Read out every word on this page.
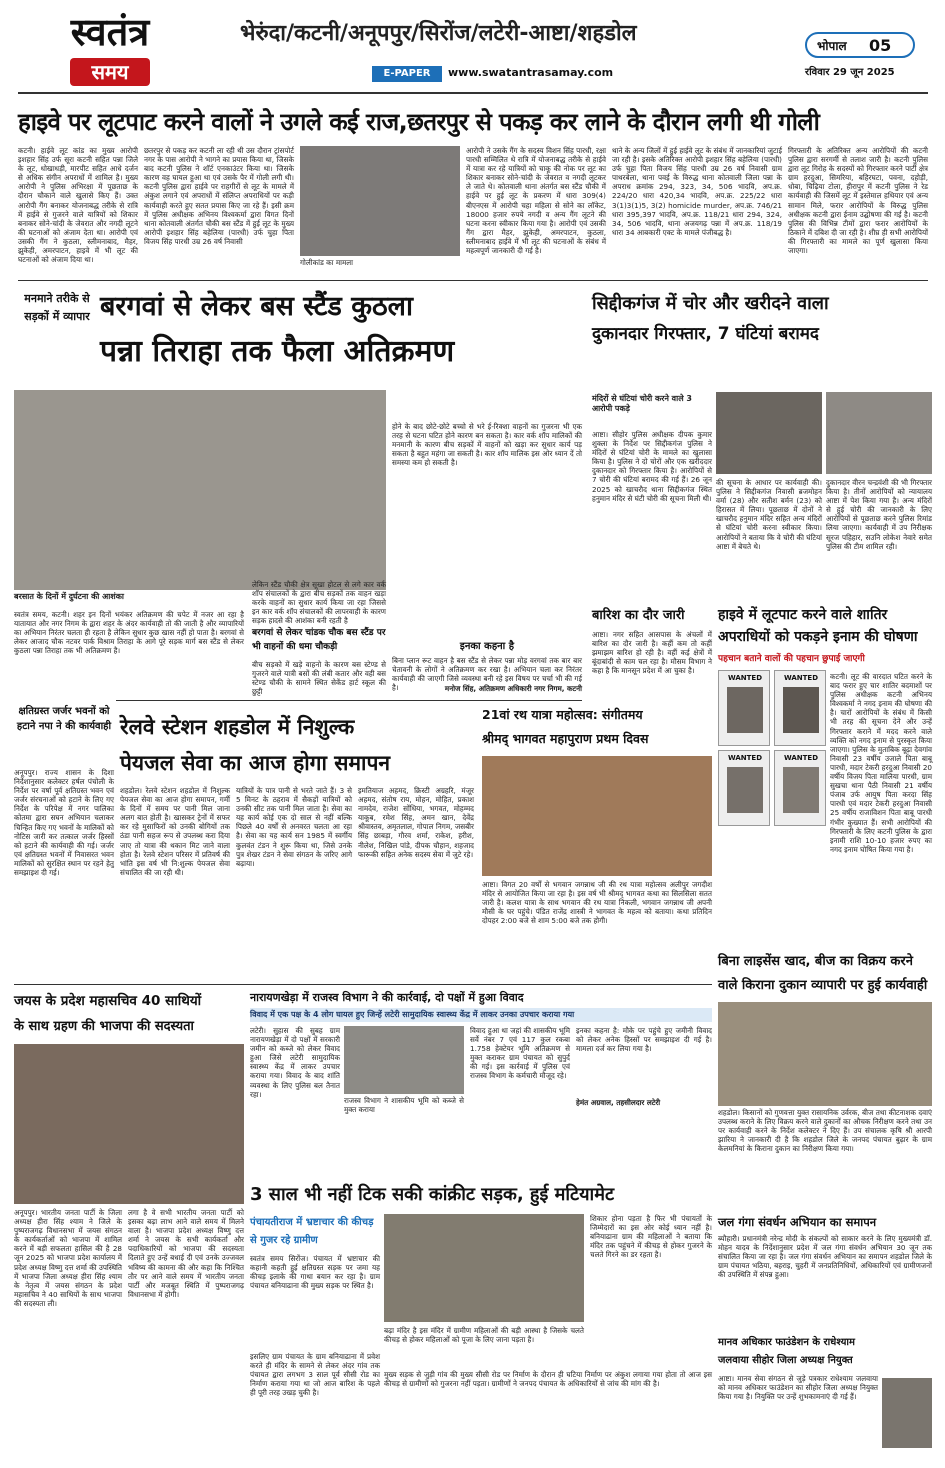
स्वतंत्र
समय
भेरुंदा/कटनी/अनूपपुर/सिरोंज/लटेरी-आष्टा/शहडोल
E-PAPER	www.swatantrasamay.com
भोपाल	05
रविवार 29 जून 2025
हाइवे पर लूटपाट करने वालों ने उगले कई राज,छतरपुर से पकड़ कर लाने के दौरान लगी थी गोली
कटनी। हाईवे लूट कांड का मुख्य आरोपी इशहार सिंह उर्फ सूरा कटनी सहित पन्ना जिले के लूट, धोखाधड़ी, मारपीट सहित आधे दर्जन से अधिक संगीन अपराधों में शामिल है। मुख्य आरोपी ने पुलिस अभिरक्षा में पूछताछ के दौरान चौकाने वाले खुलासे किए हैं। उक्त आरोपी गैंग बनाकर योजनाबद्ध तरीके से रात्रि में हाईवे से गुजरने वाले यात्रियों को शिकार बनाकर सोने-चांदी के जेवरात और नगदी लूटने की घटनाओं को अंजाम देता था। आरोपी एवं उसकी गैंग ने कुठला, स्लीमनाबाद, मैहर, झुकेही, अमरपाटन, हाइवे में भी लूट की घटनाओं को अंजाम दिया था।
छतरपुर से पकड़ कर कटनी ला रही थी उस दौरान ट्रांसपोर्ट नगर के पास आरोपी ने भागने का प्रयास किया था, जिसके बाद कटनी पुलिस ने शॉर्ट एनकाउंटर किया था। जिसके कारण वह घायल हुआ था एवं उसके पैर में गोली लगी थी। कटनी पुलिस द्वारा हाईवे पर राहगीरों से लूट के मामले में अंकुश लगाने एवं अपराधों में संलिप्त अपराधियों पर कड़ी कार्यवाही करते हुए सतत प्रयास किए जा रहे हैं। इसी क्रम में पुलिस अधीक्षक अभिनय विश्वकर्मा द्वारा विगत दिनों थाना कोतवाली अंतर्गत चौकी बस स्टैंड में हुई लूट के मुख्य आरोपी इशहार सिंह बहेलिया (पारधी) उर्फ चुहा पिता विजय सिंह पारधी उम्र 26 वर्ष निवासी
गोलीकांड का मामला
आरोपी ने उसके गैंग के सदस्य विशन सिंह पारधी, रक्षा पारधी सम्मिलित थे रात्रि में योजनाबद्ध तरीके से हाईवे में यात्रा कर रहे यात्रियों को चाकू की नोक पर लूट का शिकार बनाकर सोने-चांदी के जेवरात व नगदी लूटकर ले जाते थे। कोतवाली थाना अंतर्गत बस स्टैंड चौकी में हाईवे पर हुई लूट के प्रकरण में धारा 309(4) बीएनएस में आरोपी चहा महिला से सोने का लॉकेट, 18000 हजार रुपये नगदी व अन्य गैंग लूटने की घटना करना स्वीकार किया गया है। आरोपी एवं उसकी गैंग द्वारा मैहर, झुकेही, अमरपाटन, कुठला, स्लीमनाबाद हाईवे में भी लूट की घटनाओं के संबंध में महत्वपूर्ण जानकारी दी गई है।
थाने के अन्य जिलों में हुई हाईवे लूट के संबंध में जानकारियां जुटाई जा रही है। इसके अतिरिक्त आरोपी इशहार सिंह बहेलिया (पारधी) उर्फ चुहा पिता विजय सिंह पारधी उम्र 26 वर्ष निवासी ग्राम पाथरबेला, थाना पवई के विरुद्ध थाना कोतवाली जिला पन्ना के अपराध क्रमांक 294, 323, 34, 506 भादवि, अप.क्र. 224/20 धारा 420,34 भादवि, अप.क्र. 225/22 धारा 3(1)3(1)5, 3(2) homicide murder, अप.क्र. 746/21 धारा 395,397 भादवि, अप.क्र. 118/21 धारा 294, 324, 34, 506 भादवि, थाना अजयगढ़ पन्ना में अप.क्र. 118/19 धारा 34 आबकारी एक्ट के मामले पंजीबद्ध है।
गिरफ्तारी के अतिरिक्त अन्य आरोपियों की कटनी पुलिस द्वारा सरगर्मी से तलाश जारी है। कटनी पुलिस द्वारा लूट गिरोह के सदस्यों को गिरफ्तार करने पार्टी क्षेत्र ग्राम हरदुआ, सिमरिया, बहिरघटा, पवना, दहोड़ी, धोबा, चिढ़िया टोला, हीरापुर में कटनी पुलिस ने रेड कार्यवाही की जिसमें लूट में इस्तेमाल हथियार एवं अन्य सामान मिले, फरार आरोपियों के विरुद्ध पुलिस अधीक्षक कटनी द्वारा ईनाम उद्घोषणा की गई है। कटनी पुलिस की विभिन्न टीमों द्वारा फरार आरोपियों के ठिकाने में दबिश दी जा रही है। शीघ्र ही सभी आरोपियों की गिरफ्तारी का मामले का पूर्ण खुलासा किया जाएगा।
मनमाने तरीके से सड़कों में व्यापार बरगवां से लेकर बस स्टैंड कुठला
पन्ना तिराहा तक फैला अतिक्रमण
बरसात के दिनों में दुर्घटना की आशंका
स्वतंत्र समय, कटनी। शहर इन दिनों भयंकर अतिक्रमण की चपेट में नजर आ रहा है यातायात और नगर निगम के द्वारा शहर के अंदर कार्यवाही तो की जाती है और व्यापारियों का अभियान निरंतर चलता ही रहता है लेकिन सुधार कुछ खास नहीं हो पाता है। बरगवां से लेकर आजाद चौक नटवर पार्क विश्राम तिराहा के आगे पूरे सड़क मार्ग बस स्टैंड से लेकर कुठला पन्ना तिराहा तक भी अतिक्रमण है।
लेकिन स्टैंड चौकी क्षेत्र सूखा होटल से लगे कार वर्क शॉप संचालकों के द्वारा बीच सड़कों तक वाहन खड़ा करके वाहनों का सुधार कार्य किया जा रहा जिससे इन कार वर्क शॉप संचालकों की लापरवाही के कारण सड़क हादसे की आशंका बनी रहती है
बरगवां से लेकर चांडक चौक बस स्टैंड पर भी वाहनों की धमा चौकड़ी
बीच सड़को में खड़े वाहनो के कारण बस स्टेण्ड से गुजरने वाले यात्री बसों की लंबी कतार और वही बस स्टेण्ड चौकी के सामने स्थित सेकेंड हार्ट स्कूल की छुट्टी
होने के बाद छोटे-छोटे बच्चो से भरे ई-रिक्शा वाहनों का गुजरना भी एक तरह से घटना घटित होने कारण बन सकता है। कार वर्क शॉप मालिकों की मनमानी के कारण बीच सड़कों में वाहनों को खड़ा कर सुधार कार्य पड़ सकता है बहुत महंगा जा सकती है। कार शॉप मालिक इस ओर ध्यान दें तो समस्या कम हो सकती है।
इनका कहना है
बिना प्लान रूट वाहन है बस स्टैंड से लेकर पन्ना मोड़ वरगवां तक बार बार चेतावनी के लोगों ने अतिक्रमण कर रखा है। अभियान चला कर निरंतर कार्यवाही की जाएगी जिसे व्यवस्था बनी रहे इस विषय पर चर्चा भी की गई है।	मनोज सिंह, अतिक्रमण अधिकारी नगर निगम, कटनी
सिद्दीकगंज में चोर और खरीदने वाला
दुकानदार गिरफ्तार, 7 घंटियां बरामद
मंदिरों से घंटियां चोरी करने वाले 3 आरोपी पकड़े
आष्टा। सीहोर पुलिस अधीक्षक दीपक कुमार शुक्ला के निर्देश पर सिद्दीकगंज पुलिस ने मंदिरों से घंटियां चोरी के मामले का खुलासा किया है। पुलिस ने दो चोरों और एक खरीददार दुकानदार को गिरफ्तार किया है। आरोपियों से 7 चोरी की घंटियां बरामद की गई हैं। 26 जून 2025 को खाचरौद थाना सिद्दीकगंज स्थित हनुमान मंदिर से घंटी चोरी की सूचना मिली थी।
की सूचना के आधार पर कार्यवाही की। पुलिस ने सिद्दीकगंज निवासी ब्रजमोहन वर्मा (28) और सतीश बर्मन (23) को हिरासत में लिया। पूछताछ में दोनों ने खाचरौद हनुमान मंदिर सहित अन्य मंदिरों से घंटियां चोरी करना स्वीकार किया। आरोपियों ने बताया कि वे चोरी की घंटियां आष्टा में बेचते थे।
दुकानदार वीरन चन्द्रवंशी की भी गिरफ्तार किया है। तीनों आरोपियों को न्यायालय आष्टा में पेश किया गया है। अन्य मंदिरों से हुई चोरी की जानकारी के लिए आरोपियों से पूछताछ करने पुलिस रिमांड लिया जाएगा। कार्यवाही में उप निरीक्षक सूरज पहिहार, सउनि लोकेश नेवारे समेत पुलिस की टीम शामिल रही।
बारिश का दौर जारी
आष्टा। नगर सहित आसपास के अंचलों में बारिश का दौर जारी है। कहीं कम तो कहीं झमाझम बारिश हो रही है। वहीं कई क्षेत्रों में बूंदाबांदी से काम चल रहा है। मौसम विभाग ने कहा है कि मानसून प्रदेश में आ चुका है।
हाइवे में लूटपाट करने वाले शातिर अपराधियों को पकड़ने इनाम की घोषणा
पहचान बताने वालों की पहचान छुपाई जाएगी
WANTED	WANTED
WANTED	WANTED
कटनी। लूट की वारदात घटित करने के बाद फरार हुए चार शातिर बदमाशों पर पुलिस अधीक्षक कटनी अभिनय विश्वकर्मा ने नगद इनाम की घोषणा की है। चारों आरोपियों के संबंध में किसी भी तरह की सूचना देने और उन्हें गिरफ्तार कराने में मदद करने वाले व्यक्ति को नगद इनाम से पुरस्कृत किया जाएगा। पुलिस के मुताबिक बूढ़ा देवगांव निवासी 23 वर्षीय उजाले पिता बाबू पारधी, मदार टेकरी हरदुआ निवासी 20 वर्षीय विजय पिता मालिया पारधी, ग्राम सुखचा थाना पैठी निवासी 21 वर्षीय पंजाब उर्फ आयुष पिता करदा सिंह पारधी एवं मदार टेकरी हरदुआ निवासी 25 वर्षीय राजाविशन पिता बाबू पारधी गंभीर कुख्यात हैं। सभी आरोपियों की गिरफ्तारी के लिए कटनी पुलिस के द्वारा इनामी राशि 10-10 हजार रुपए का नगद इनाम घोषित किया गया है।
क्षतिग्रस्त जर्जर भवनों को हटाने नपा ने की कार्यवाही
अनूपपुर। राज्य शासन के दिशा निर्देशानुसार कलेक्टर हर्षल पंचोली के निर्देश पर वर्षा पूर्व क्षतिग्रस्त भवन एवं जर्जर संरचनाओं को हटाने के लिए गए निर्देश के परिपेक्ष में नगर पालिका कोतमा द्वारा सघन अभियान चलाकर चिन्हित किए गए भवनों के मालिकों को नोटिस जारी कर तत्काल जर्जर हिस्सों को हटाने की कार्यवाही की गई। जर्जर एवं क्षतिग्रस्त भवनों में निवासरत भवन मालिकों को सुरक्षित स्थान पर रहने हेतु समझाइश दी गई।
रेलवे स्टेशन शहडोल में निशुल्क
पेयजल सेवा का आज होगा समापन
शहडोल। रेलवे स्टेशन शहडोल में निशुल्क पेयजल सेवा का आज होगा समापन, गर्मी के दिनों में समय पर पानी मिल जाना अलग बात होती है। खासकर ट्रेनों में सफर कर रहे मुसाफिरों को उनकी बोगियों तक ठंडा पानी सहज रूप से उपलब्ध करा दिया जाए तो यात्रा की थकान मिट जाने वाला होता है। रेलवे स्टेशन परिसर में प्रतिवर्ष की भांति इस वर्ष भी नि:शुल्क पेयजल सेवा संचालित की जा रही थी।
यात्रियों के पात्र पानी से भरते जाते हैं। 3 से 5 मिनट के ठहराव में सैकड़ों यात्रियों को उनकी सीट तक पानी मिल जाता है। सेवा का यह कार्य कोई एक दो साल से नहीं बल्कि पिछले 40 वर्षों से अनवरत चलता आ रहा है। सेवा का यह कार्य सन 1985 में स्वर्गीय कुलवंत टंडन ने शुरू किया था, जिसे उनके पुत्र शेखर टंडन ने सेवा संगठन के जरिए आगे बढ़ाया।
इमतियाज अहमद, क्रिस्टी अग्रहरि, मंजूर अहमद, संतोष राय, मोहन, मोहित, प्रकाश नामदेव, राजेश सोंधिया, भगवत, मोहम्मद याकूब, रमेश सिंह, अमन खान, देवेंद्र श्रीवास्तव, अमृतलाल, गोपाल निगम, जसबीर सिंह छाबड़ा, गौरव शर्मा, राकेश, हरीश, नीलेश, निखिल पांडे, दीपक चौहान, शहजाद फारूकी सहित अनेक सदस्य सेवा में जुटे रहे।
21वां रथ यात्रा महोत्सव: संगीतमय
श्रीमद् भागवत महापुराण प्रथम दिवस
आष्टा। विगत 20 वर्षों से भगवान जगन्नाथ जी की रथ यात्रा महोत्सव अलीपुर जगदीश मंदिर से आयोजित किया जा रहा है। इस वर्ष भी श्रीमद् भागवत कथा का सिलसिला सतत जारी है। कलश यात्रा के साथ भगवान की रथ यात्रा निकली, भगवान जगन्नाथ जी अपनी मौसी के घर पहुंचे। पंडित राजेंद्र शास्त्री ने भागवत के महत्व को बताया। कथा प्रतिदिन दोपहर 2:00 बजे से शाम 5:00 बजे तक होगी।
बिना लाइसेंस खाद, बीज का विक्रय करने वाले किराना दुकान व्यापारी पर हुई कार्यवाही
शहडोल। किसानों को गुणवत्ता युक्त रासायनिक उर्वरक, बीज तथा कीटनाशक दवाएं उपलब्ध कराने के लिए विक्रय करने वाले दुकानों का औचक निरीक्षण करने तथा उन पर कार्यवाही करने के निर्देश कलेक्टर ने दिए हैं। उप संचालक कृषि श्री आरपी झारिया ने जानकारी दी है कि शहडोल जिले के जनपद पंचायत बुढ़ार के ग्राम केलमनियां के किराना दुकान का निरीक्षण किया गया।
जयस के प्रदेश महासचिव 40 साथियों
के साथ ग्रहण की भाजपा की सदस्यता
अनूपपुर। भारतीय जनता पार्टी के जिला अध्यक्ष हीरा सिंह श्याम ने जिले के पुष्पराजगढ़ विधानसभा में जयस संगठन के कार्यकर्ताओं को भाजपा में शामिल करने में बड़ी सफलता हासिल की है 28 जून 2025 को भाजपा प्रदेश कार्यालय में प्रदेश अध्यक्ष विष्णु दत्त शर्मा की उपस्थिति में भाजपा जिला अध्यक्ष हीरा सिंह श्याम के नेतृत्व में जयस संगठन के प्रदेश महासचिव ने 40 साथियों के साथ भाजपा की सदस्यता ली।
लगा है वे सभी भारतीय जनता पार्टी को इसका बढ़ा लाभ आने वाले समय में मिलने वाला है। भाजपा प्रदेश अध्यक्ष विष्णु दत्त शर्मा ने जयस के सभी कार्यकर्ता और पदाधिकारियों को भाजपा की सदस्यता दिलाते हुए उन्हें बधाई दी एवं उनके उज्जवल भविष्य की कामना की और कहा कि निश्चित तौर पर आने वाले समय में भारतीय जनता पार्टी और मजबूत स्थिति में पुष्पराजगढ़ विधानसभा में होगी।
नारायणखेड़ा में राजस्व विभाग ने की कार्रवाई, दो पक्षों में हुआ विवाद
विवाद में एक पक्ष के 4 लोग घायल हुए जिन्हें लटेरी सामुदायिक स्वास्थ्य केंद्र में लाकर उनका उपचार कराया गया
लटेरी। सुहास की सुबह ग्राम नारायणखेड़ा में दो पक्षों में सरकारी जमीन को कब्जे को लेकर विवाद हुआ जिसे लटेरी सामुदायिक स्वास्थ्य केंद्र में लाकर उपचार कराया गया। विवाद के बाद शांति व्यवस्था के लिए पुलिस बल तैनात रहा।
राजस्व विभाग ने शासकीय भूमि को कब्जे से मुक्त कराया
विवाद हुआ था जहां की शासकीय भूमि सर्वे नंबर 7 एवं 117 कुल रकबा 1.758 हेक्टेयर भूमि अतिक्रमण से मुक्त कराकर ग्राम पंचायत को सुपुर्द की गई। इस कार्रवाई में पुलिस एवं राजस्व विभाग के कर्मचारी मौजूद रहे।
इनका कहना है: मौके पर पहुंचे हुए जमीनी विवाद को लेकर अनेक हिस्सों पर समझाइश दी गई है। मामला दर्ज कर लिया गया है।
हेमंत अग्रवाल, तहसीलदार लटेरी
3 साल भी नहीं टिक सकी कांक्रीट सड़क, हुई मटियामेट
पंचायतीराज में भ्रष्टाचार की कीचड़ से गुजर रहे ग्रामीण
स्वतंत्र समय सिरोंज। पंचायत में भ्रष्टाचार की कहानी कहती हुई क्षतिग्रस्त सड़क पर जमा यह कीचड़ इलाके की गाथा बयान कर रहा है। ग्राम पंचायत बनियाढाना की मुख्य सड़क पर स्थित है।
इसलिए ग्राम पंचायत के ग्राम बनियाढाना में प्रवेश करते ही मंदिर के सामने से लेकर अंदर गांव तक पंचायत द्वारा लगभग 3 साल पूर्व सीसी रोड का निर्माण कराया गया था जो आज बारिश के पहले ही पूरी तरह उखड़ चुकी है।
बढ़ा मंदिर है इस मंदिर में ग्रामीण महिलाओं की बड़ी आस्था है जिसके चलते कीचड़ से होकर महिलाओं को पूजा के लिए जाना पड़ता है।
शिकार होना पड़ता है फिर भी पंचायतों के जिम्मेदारों का इस ओर कोई ध्यान नहीं है। बनियाढाना ग्राम की महिलाओं ने बताया कि मंदिर तक पहुंचने में कीचड़ से होकर गुजरने के चलते गिरने का डर रहता है।
मुख्य सड़क से जुड़ी गांव की मुख्य सीसी रोड पर निर्माण के दौरान ही घटिया निर्माण पर अंकुश लगाया गया होता तो आज इस कीचड़ से ग्रामीणों को गुजरना नहीं पड़ता। ग्रामीणों ने जनपद पंचायत के अधिकारियों से जांच की मांग की है।
जल गंगा संवर्धन अभियान का समापन
ब्यौहारी। प्रधानमंत्री नरेन्द्र मोदी के संकल्पों को साकार करने के लिए मुख्यमंत्री डॉ. मोहन यादव के निर्देशानुसार प्रदेश में जल गंगा संवर्धन अभियान 30 जून तक संचालित किया जा रहा है। जल गंगा संवर्धन अभियान का समापन शहडोल जिले के ग्राम पंचायत भठिया, बहराइ, चुहरी में जनप्रतिनिधियों, अधिकारियों एवं ग्रामीणजनों की उपस्थिति में संपन्न हुआ।
मानव अधिकार फाउंडेशन के राधेश्याम
जलवाया सीहोर जिला अध्यक्ष नियुक्त
आष्टा। मानव सेवा संगठन से जुड़े पत्रकार राधेश्याम जलवाया को मानव अधिकार फाउंडेशन का सीहोर जिला अध्यक्ष नियुक्त किया गया है। नियुक्ति पर उन्हें शुभकामनाएं दी गई हैं।
